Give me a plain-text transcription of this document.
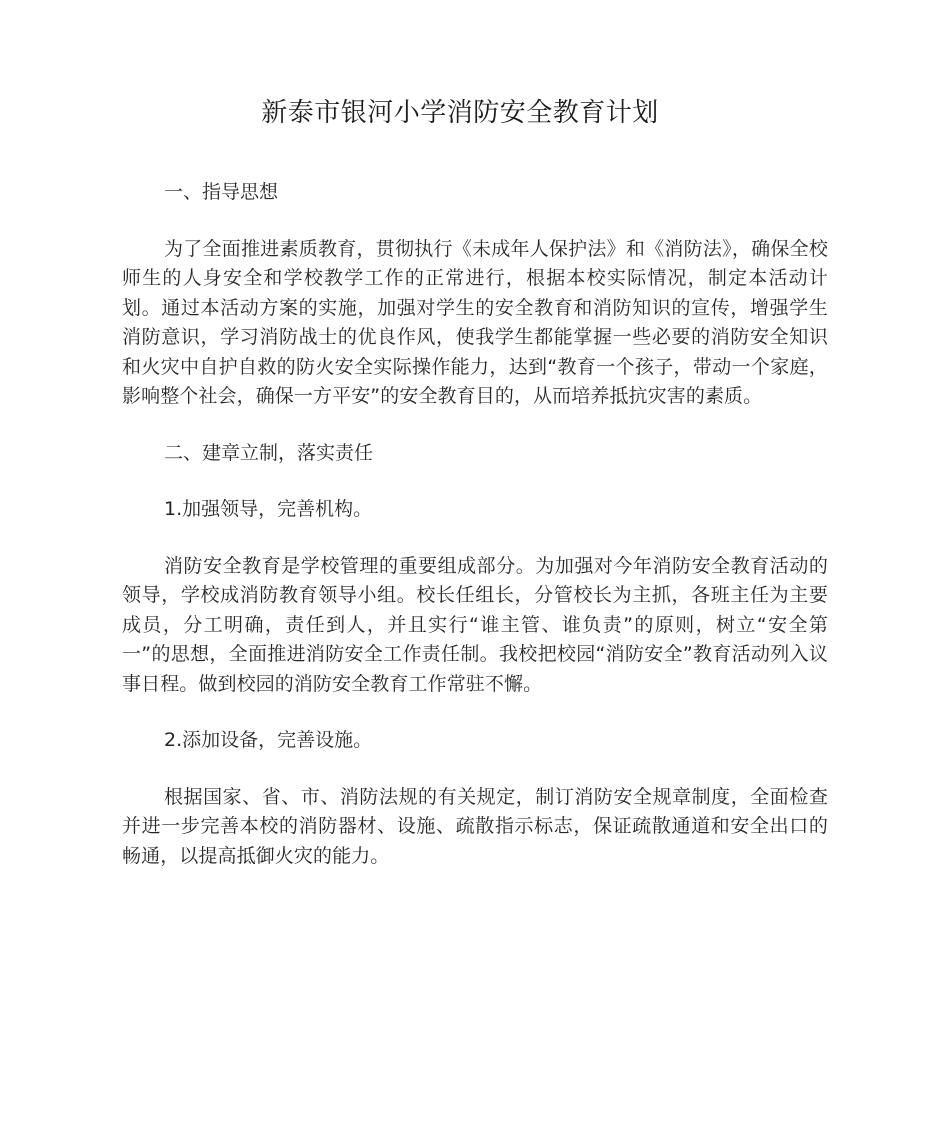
新泰市银河小学消防安全教育计划

一、指导思想

为了全面推进素质教育，贯彻执行《未成年人保护法》和《消防法》，确保全校师生的人身安全和学校教学工作的正常进行，根据本校实际情况，制定本活动计划。通过本活动方案的实施，加强对学生的安全教育和消防知识的宣传，增强学生消防意识，学习消防战士的优良作风，使我学生都能掌握一些必要的消防安全知识和火灾中自护自救的防火安全实际操作能力，达到“教育一个孩子，带动一个家庭，影响整个社会，确保一方平安”的安全教育目的，从而培养抵抗灾害的素质。

二、建章立制，落实责任

1.加强领导，完善机构。

消防安全教育是学校管理的重要组成部分。为加强对今年消防安全教育活动的领导，学校成消防教育领导小组。校长任组长，分管校长为主抓，各班主任为主要成员，分工明确，责任到人，并且实行“谁主管、谁负责”的原则，树立“安全第一”的思想，全面推进消防安全工作责任制。我校把校园“消防安全”教育活动列入议事日程。做到校园的消防安全教育工作常驻不懈。

2.添加设备，完善设施。

根据国家、省、市、消防法规的有关规定，制订消防安全规章制度，全面检查并进一步完善本校的消防器材、设施、疏散指示标志，保证疏散通道和安全出口的畅通，以提高抵御火灾的能力。
